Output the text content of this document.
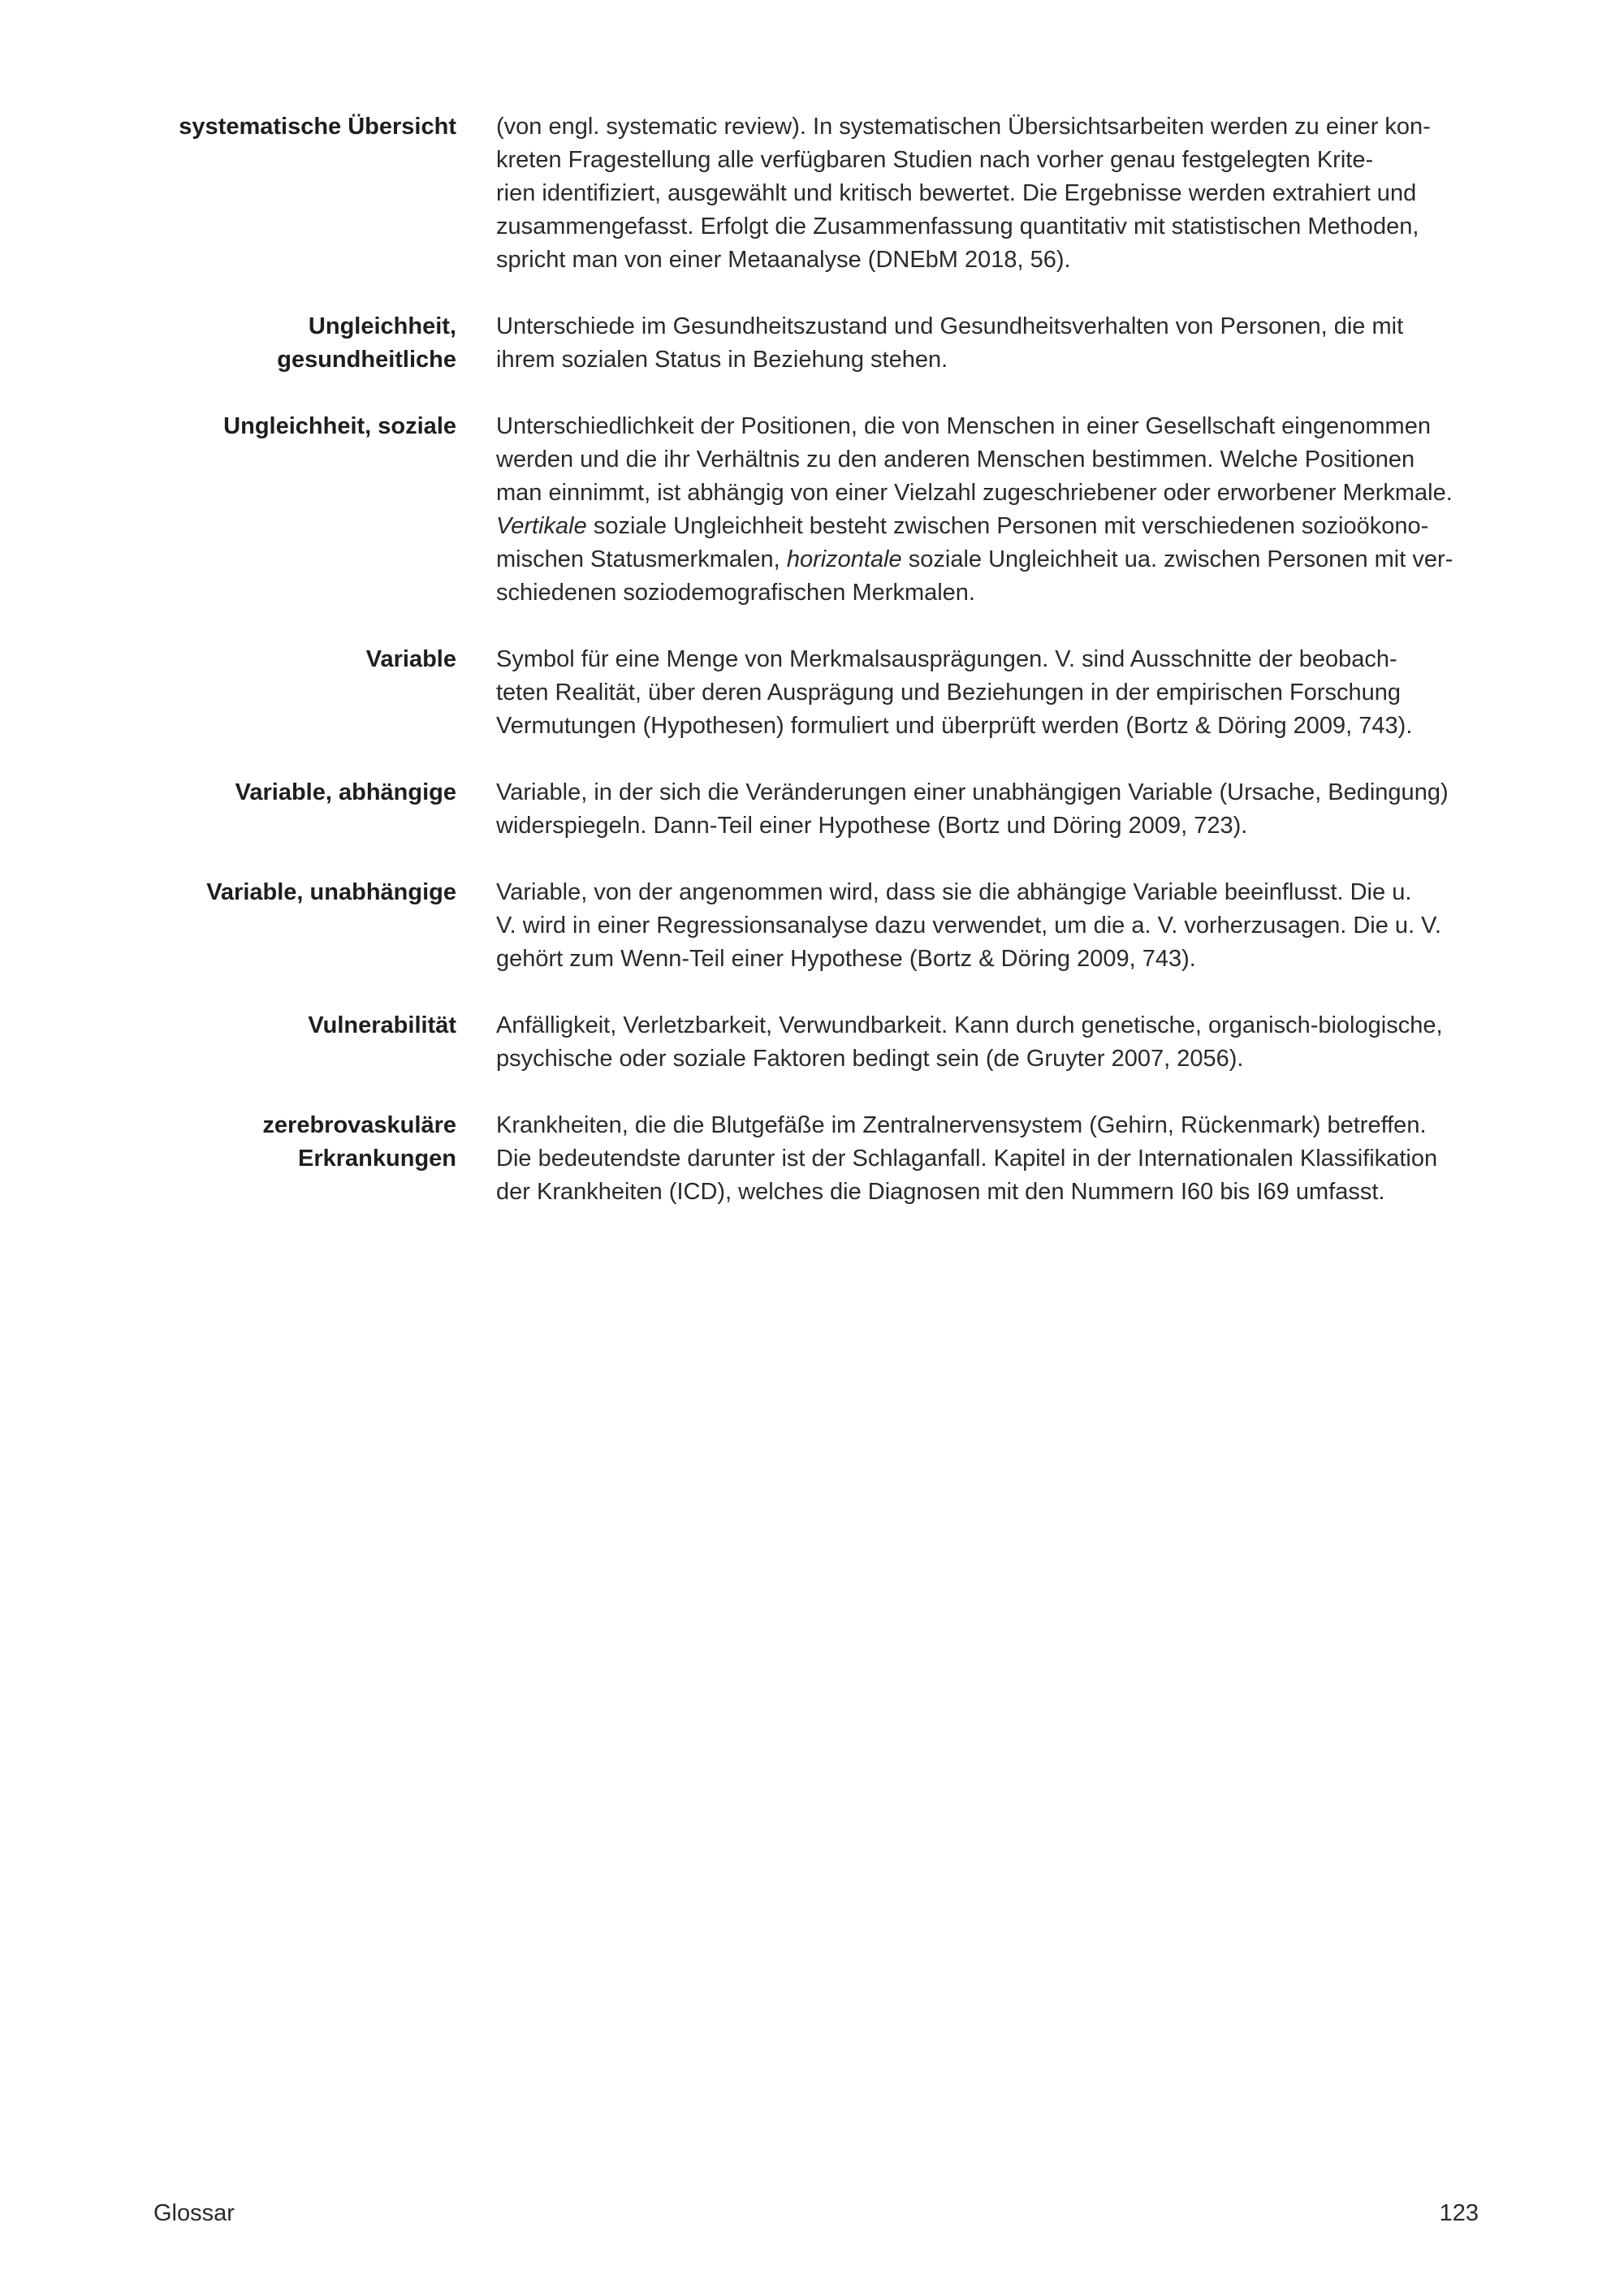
systematische Übersicht (von engl. systematic review). In systematischen Übersichtsarbeiten werden zu einer kon-
kreten Fragestellung alle verfügbaren Studien nach vorher genau festgelegten Krite-
rien identifiziert, ausgewählt und kritisch bewertet. Die Ergebnisse werden extrahiert und
zusammengefasst. Erfolgt die Zusammenfassung quantitativ mit statistischen Methoden,
spricht man von einer Metaanalyse (DNEbM 2018, 56).
Ungleichheit,
gesundheitliche
Unterschiede im Gesundheitszustand und Gesundheitsverhalten von Personen, die mit
ihrem sozialen Status in Beziehung stehen.
Ungleichheit, soziale Unterschiedlichkeit der Positionen, die von Menschen in einer Gesellschaft eingenommen
werden und die ihr Verhältnis zu den anderen Menschen bestimmen. Welche Positionen
man einnimmt, ist abhängig von einer Vielzahl zugeschriebener oder erworbener Merkmale.
Vertikale soziale Ungleichheit besteht zwischen Personen mit verschiedenen sozioökono-
mischen Statusmerkmalen, horizontale soziale Ungleichheit ua. zwischen Personen mit ver-
schiedenen soziodemografischen Merkmalen.
Variable Symbol für eine Menge von Merkmalsausprägungen. V. sind Ausschnitte der beobach-
teten Realität, über deren Ausprägung und Beziehungen in der empirischen Forschung
Vermutungen (Hypothesen) formuliert und überprüft werden (Bortz & Döring 2009, 743).
Variable, abhängige Variable, in der sich die Veränderungen einer unabhängigen Variable (Ursache, Bedingung)
widerspiegeln. Dann-Teil einer Hypothese (Bortz und Döring 2009, 723).
Variable, unabhängige Variable, von der angenommen wird, dass sie die abhängige Variable beeinflusst. Die u.
V. wird in einer Regressionsanalyse dazu verwendet, um die a. V. vorherzusagen. Die u. V.
gehört zum Wenn-Teil einer Hypothese (Bortz & Döring 2009, 743).
Vulnerabilität Anfälligkeit, Verletzbarkeit, Verwundbarkeit. Kann durch genetische, organisch-biologische,
psychische oder soziale Faktoren bedingt sein (de Gruyter 2007, 2056).
zerebrovaskuläre
Erkrankungen
Krankheiten, die die Blutgefäße im Zentralnervensystem (Gehirn, Rückenmark) betreffen.
Die bedeutendste darunter ist der Schlaganfall. Kapitel in der Internationalen Klassifikation
der Krankheiten (ICD), welches die Diagnosen mit den Nummern I60 bis I69 umfasst.
Glossar	123
